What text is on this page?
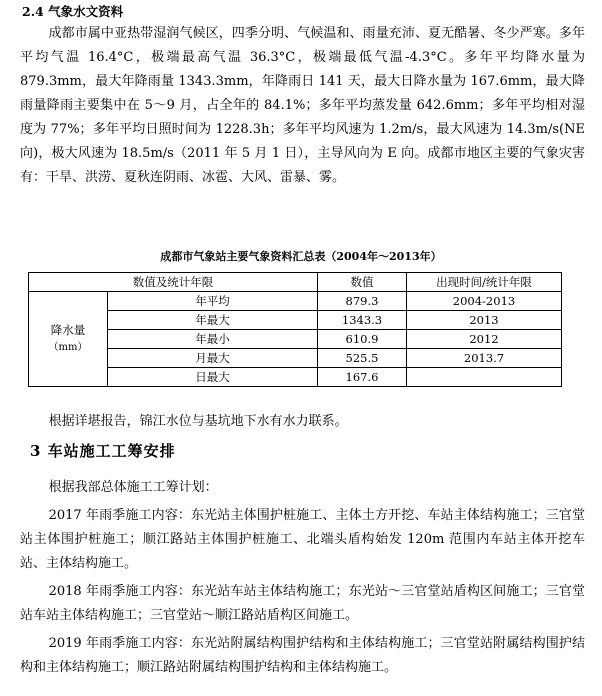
2.4 气象水文资料

成都市属中亚热带湿润气候区，四季分明、气候温和、雨量充沛、夏无酷暑、冬少严寒。多年平均气温 16.4°C，极端最高气温 36.3°C，极端最低气温-4.3°C。多年平均降水量为 879.3mm，最大年降雨量 1343.3mm，年降雨日 141 天，最大日降水量为 167.6mm，最大降雨量降雨主要集中在 5～9 月，占全年的 84.1%；多年平均蒸发量 642.6mm；多年平均相对湿度为 77%；多年平均日照时间为 1228.3h；多年平均风速为 1.2m/s，最大风速为 14.3m/s(NE 向)，极大风速为 18.5m/s（2011 年 5 月 1 日），主导风向为 E 向。成都市地区主要的气象灾害有：干旱、洪涝、夏秋连阴雨、冰雹、大风、雷暴、雾。

成都市气象站主要气象资料汇总表（2004年～2013年）
数值及统计年限		数值	出现时间/统计年限

降水量
（mm）	年平均	879.3	2004-2013
	年最大	1343.3	2013
	年最小	610.9	2012
	月最大	525.5	2013.7
	日最大	167.6	

根据详堪报告，锦江水位与基坑地下水有水力联系。

3 车站施工工筹安排

根据我部总体施工工筹计划：

2017 年雨季施工内容：东光站主体围护桩施工、主体土方开挖、车站主体结构施工；三官堂站主体围护桩施工；顺江路站主体围护桩施工、北端头盾构始发 120m 范围内车站主体开挖车站、主体结构施工。

2018 年雨季施工内容：东光站车站主体结构施工；东光站～三官堂站盾构区间施工；三官堂站车站主体结构施工；三官堂站～顺江路站盾构区间施工。

2019 年雨季施工内容：东光站附属结构围护结构和主体结构施工；三官堂站附属结构围护结构和主体结构施工；顺江路站附属结构围护结构和主体结构施工。
